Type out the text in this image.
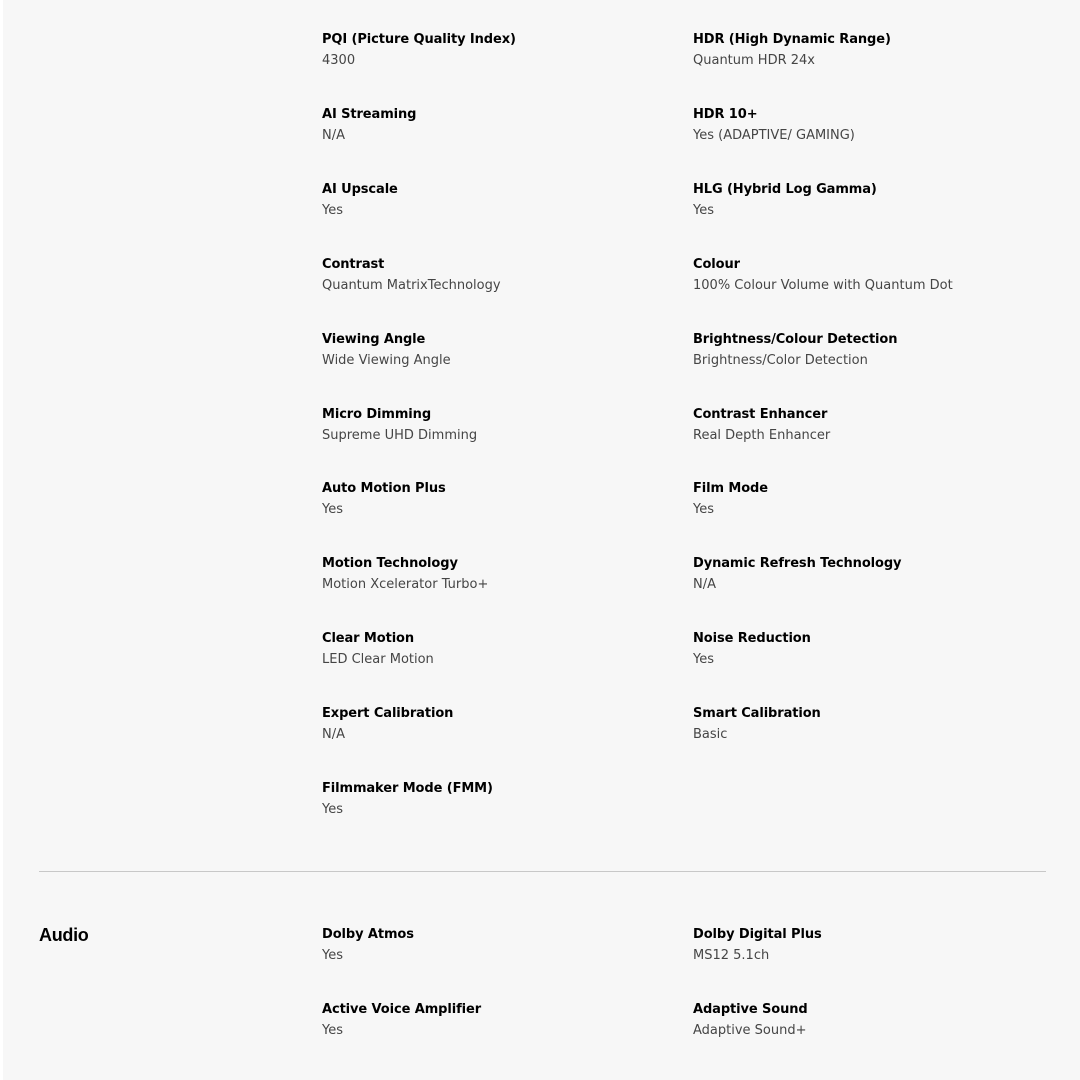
PQI (Picture Quality Index)
4300
HDR (High Dynamic Range)
Quantum HDR 24x
AI Streaming
N/A
HDR 10+
Yes (ADAPTIVE/ GAMING)
AI Upscale
Yes
HLG (Hybrid Log Gamma)
Yes
Contrast
Quantum MatrixTechnology
Colour
100% Colour Volume with Quantum Dot
Viewing Angle
Wide Viewing Angle
Brightness/Colour Detection
Brightness/Color Detection
Micro Dimming
Supreme UHD Dimming
Contrast Enhancer
Real Depth Enhancer
Auto Motion Plus
Yes
Film Mode
Yes
Motion Technology
Motion Xcelerator Turbo+
Dynamic Refresh Technology
N/A
Clear Motion
LED Clear Motion
Noise Reduction
Yes
Expert Calibration
N/A
Smart Calibration
Basic
Filmmaker Mode (FMM)
Yes
Audio	Dolby Atmos
Yes
Dolby Digital Plus
MS12 5.1ch
Active Voice Amplifier
Yes
Adaptive Sound
Adaptive Sound+
